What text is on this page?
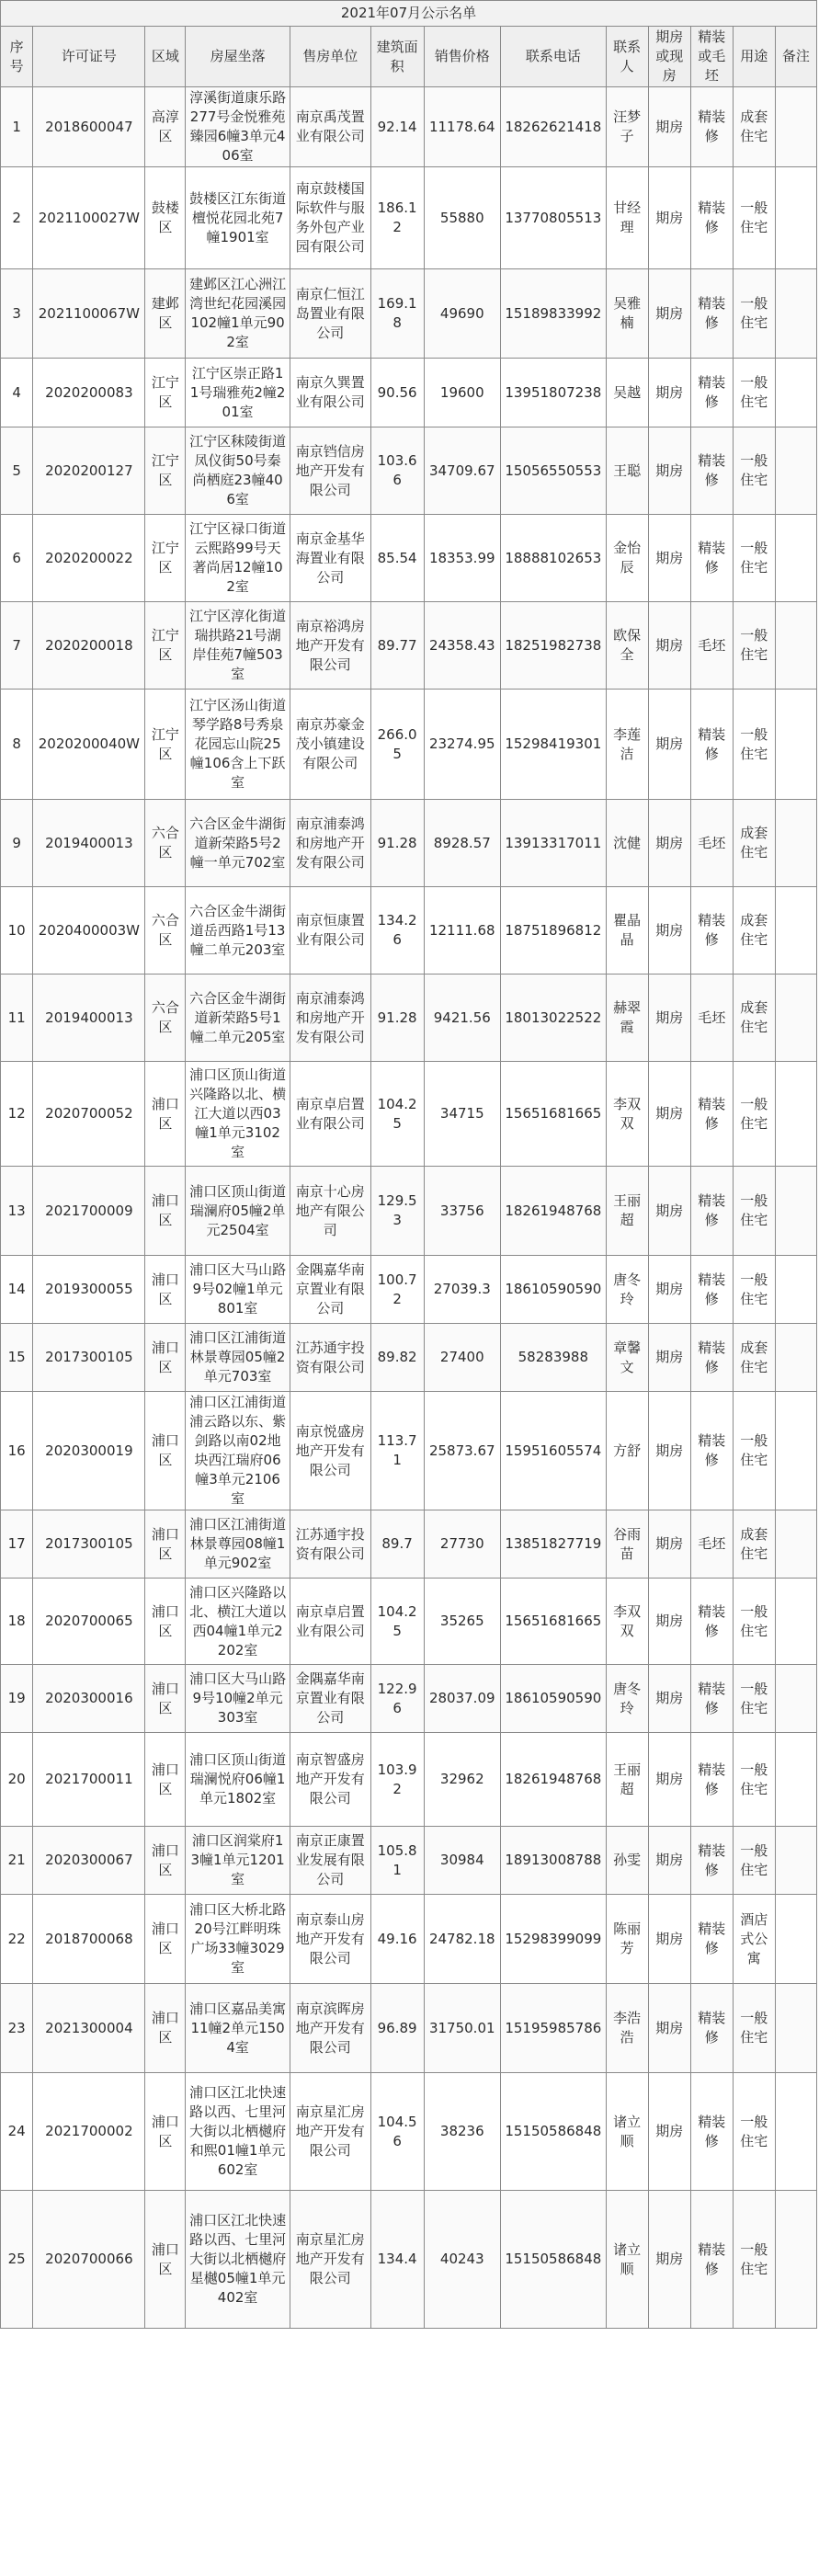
2021年07月公示名单												
序号	许可证号	区域	房屋坐落	售房单位	建筑面积	销售价格	联系电话	联系人	期房或现房	精装或毛坯	用途	备注
1	2018600047	高淳区	淳溪街道康乐路277号金悦雅苑臻园6幢3单元406室	南京禹茂置业有限公司	92.14	11178.64	18262621418	汪梦子	期房	精装修	成套住宅	
2	2021100027W	鼓楼区	鼓楼区江东街道檀悦花园北苑7幢1901室	南京鼓楼国际软件与服务外包产业园有限公司	186.12	55880	13770805513	甘经理	期房	精装修	一般住宅	
3	2021100067W	建邺区	建邺区江心洲江湾世纪花园溪园102幢1单元902室	南京仁恒江岛置业有限公司	169.18	49690	15189833992	吴雅楠	期房	精装修	一般住宅	
4	2020200083	江宁区	江宁区崇正路11号瑞雅苑2幢201室	南京久巽置业有限公司	90.56	19600	13951807238	吴越	期房	精装修	一般住宅	
5	2020200127	江宁区	江宁区秣陵街道凤仪街50号秦尚栖庭23幢406室	南京铛信房地产开发有限公司	103.66	34709.67	15056550553	王聪	期房	精装修	一般住宅	
6	2020200022	江宁区	江宁区禄口街道云熙路99号天著尚居12幢102室	南京金基华海置业有限公司	85.54	18353.99	18888102653	金怡辰	期房	精装修	一般住宅	
7	2020200018	江宁区	江宁区淳化街道瑞拱路21号湖岸佳苑7幢503室	南京裕鸿房地产开发有限公司	89.77	24358.43	18251982738	欧保全	期房	毛坯	一般住宅	
8	2020200040W	江宁区	江宁区汤山街道琴学路8号秀泉花园忘山院25幢106含上下跃室	南京苏豪金茂小镇建设有限公司	266.05	23274.95	15298419301	李莲洁	期房	精装修	一般住宅	
9	2019400013	六合区	六合区金牛湖街道新荣路5号2幢一单元702室	南京浦泰鸿和房地产开发有限公司	91.28	8928.57	13913317011	沈健	期房	毛坯	成套住宅	
10	2020400003W	六合区	六合区金牛湖街道岳西路1号13幢二单元203室	南京恒康置业有限公司	134.26	12111.68	18751896812	瞿晶晶	期房	精装修	成套住宅	
11	2019400013	六合区	六合区金牛湖街道新荣路5号1幢二单元205室	南京浦泰鸿和房地产开发有限公司	91.28	9421.56	18013022522	赫翠霞	期房	毛坯	成套住宅	
12	2020700052	浦口区	浦口区顶山街道兴隆路以北、横江大道以西03幢1单元3102室	南京卓启置业有限公司	104.25	34715	15651681665	李双双	期房	精装修	一般住宅	
13	2021700009	浦口区	浦口区顶山街道瑞澜府05幢2单元2504室	南京十心房地产有限公司	129.53	33756	18261948768	王丽超	期房	精装修	一般住宅	
14	2019300055	浦口区	浦口区大马山路9号02幢1单元801室	金隅嘉华南京置业有限公司	100.72	27039.3	18610590590	唐冬玲	期房	精装修	一般住宅	
15	2017300105	浦口区	浦口区江浦街道林景尊园05幢2单元703室	江苏通宇投资有限公司	89.82	27400	58283988	章馨文	期房	精装修	成套住宅	
16	2020300019	浦口区	浦口区江浦街道浦云路以东、紫剑路以南02地块西江瑞府06幢3单元2106室	南京悦盛房地产开发有限公司	113.71	25873.67	15951605574	方舒	期房	精装修	一般住宅	
17	2017300105	浦口区	浦口区江浦街道林景尊园08幢1单元902室	江苏通宇投资有限公司	89.7	27730	13851827719	谷雨苗	期房	毛坯	成套住宅	
18	2020700065	浦口区	浦口区兴隆路以北、横江大道以西04幢1单元2202室	南京卓启置业有限公司	104.25	35265	15651681665	李双双	期房	精装修	一般住宅	
19	2020300016	浦口区	浦口区大马山路9号10幢2单元303室	金隅嘉华南京置业有限公司	122.96	28037.09	18610590590	唐冬玲	期房	精装修	一般住宅	
20	2021700011	浦口区	浦口区顶山街道瑞澜悦府06幢1单元1802室	南京智盛房地产开发有限公司	103.92	32962	18261948768	王丽超	期房	精装修	一般住宅	
21	2020300067	浦口区	浦口区润棠府13幢1单元1201室	南京正康置业发展有限公司	105.81	30984	18913008788	孙雯	期房	精装修	一般住宅	
22	2018700068	浦口区	浦口区大桥北路20号江畔明珠广场33幢3029室	南京泰山房地产开发有限公司	49.16	24782.18	15298399099	陈丽芳	期房	精装修	酒店式公寓	
23	2021300004	浦口区	浦口区嘉品美寓11幢2单元1504室	南京滨晖房地产开发有限公司	96.89	31750.01	15195985786	李浩浩	期房	精装修	一般住宅	
24	2021700002	浦口区	浦口区江北快速路以西、七里河大街以北栖樾府和熙01幢1单元602室	南京星汇房地产开发有限公司	104.56	38236	15150586848	诸立顺	期房	精装修	一般住宅	
25	2020700066	浦口区	浦口区江北快速路以西、七里河大街以北栖樾府星樾05幢1单元402室	南京星汇房地产开发有限公司	134.4	40243	15150586848	诸立顺	期房	精装修	一般住宅	
